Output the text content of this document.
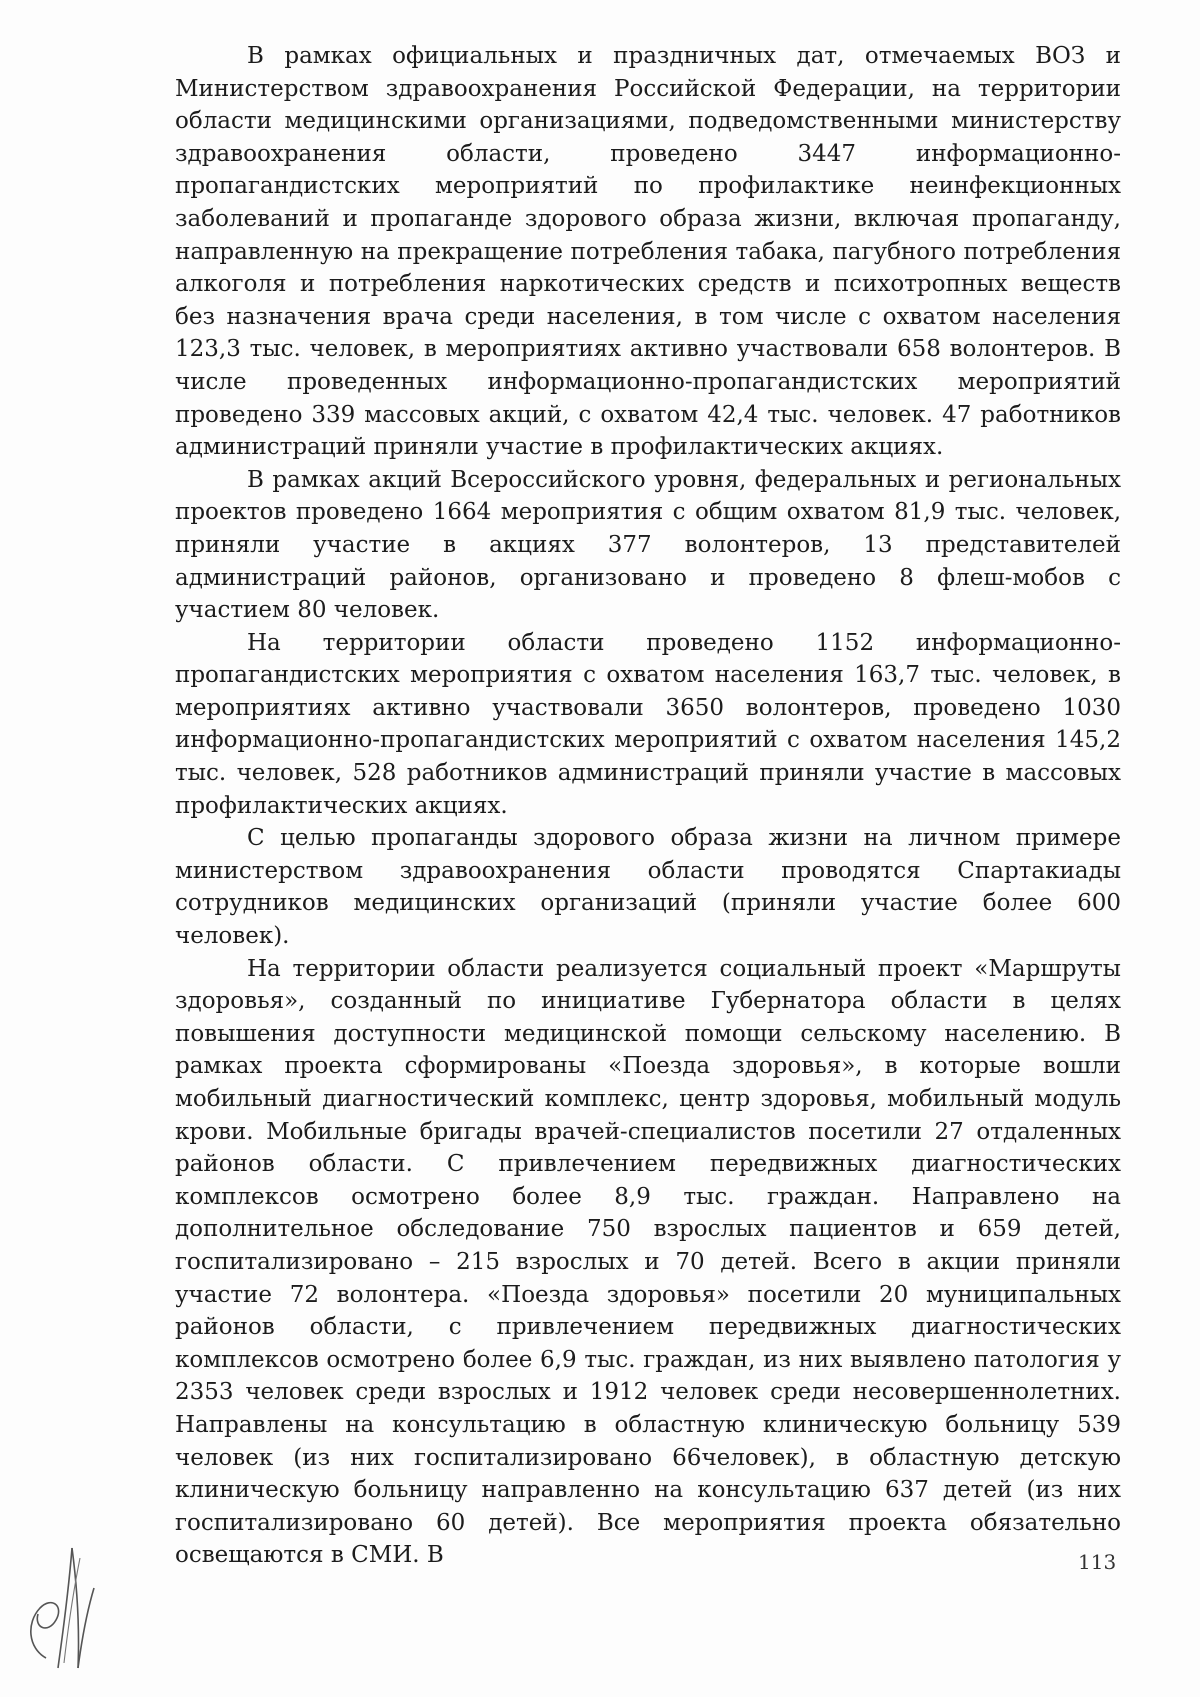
В рамках официальных и праздничных дат, отмечаемых ВОЗ и Министерством здравоохранения Российской Федерации, на территории области медицинскими организациями, подведомственными министерству здравоохранения области, проведено 3447 информационно-пропагандистских мероприятий по профилактике неинфекционных заболеваний и пропаганде здорового образа жизни, включая пропаганду, направленную на прекращение потребления табака, пагубного потребления алкоголя и потребления наркотических средств и психотропных веществ без назначения врача среди населения, в том числе с охватом населения 123,3 тыс. человек, в мероприятиях активно участвовали 658 волонтеров. В числе проведенных информационно-пропагандистских мероприятий проведено 339 массовых акций, с охватом 42,4 тыс. человек. 47 работников администраций приняли участие в профилактических акциях.

В рамках акций Всероссийского уровня, федеральных и региональных проектов проведено 1664 мероприятия с общим охватом 81,9 тыс. человек, приняли участие в акциях 377 волонтеров, 13 представителей администраций районов, организовано и проведено 8 флеш-мобов с участием 80 человек.

На территории области проведено 1152 информационно-пропагандистских мероприятия с охватом населения 163,7 тыс. человек, в мероприятиях активно участвовали 3650 волонтеров, проведено 1030 информационно-пропагандистских мероприятий с охватом населения 145,2 тыс. человек, 528 работников администраций приняли участие в массовых профилактических акциях.

С целью пропаганды здорового образа жизни на личном примере министерством здравоохранения области проводятся Спартакиады сотрудников медицинских организаций (приняли участие более 600 человек).

На территории области реализуется социальный проект «Маршруты здоровья», созданный по инициативе Губернатора области в целях повышения доступности медицинской помощи сельскому населению. В рамках проекта сформированы «Поезда здоровья», в которые вошли мобильный диагностический комплекс, центр здоровья, мобильный модуль крови. Мобильные бригады врачей-специалистов посетили 27 отдаленных районов области. С привлечением передвижных диагностических комплексов осмотрено более 8,9 тыс. граждан. Направлено на дополнительное обследование 750 взрослых пациентов и 659 детей, госпитализировано – 215 взрослых и 70 детей. Всего в акции приняли участие 72 волонтера. «Поезда здоровья» посетили 20 муниципальных районов области, с привлечением передвижных диагностических комплексов осмотрено более 6,9 тыс. граждан, из них выявлено патология у 2353 человек среди взрослых и 1912 человек среди несовершеннолетних. Направлены на консультацию в областную клиническую больницу 539 человек (из них госпитализировано 66человек), в областную детскую клиническую больницу направленно на консультацию 637 детей (из них госпитализировано 60 детей). Все мероприятия проекта обязательно освещаются в СМИ. В	113
